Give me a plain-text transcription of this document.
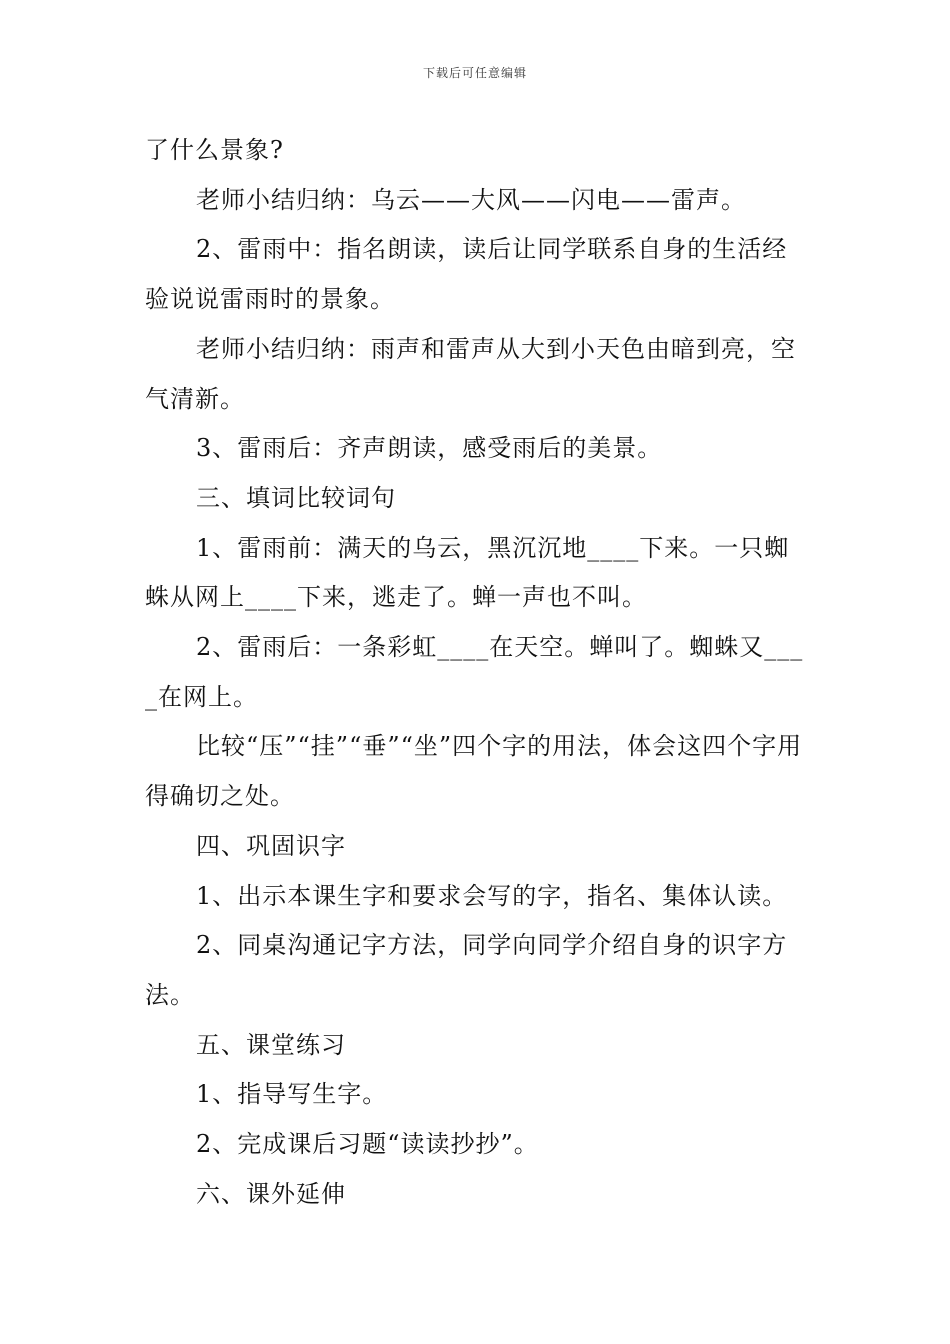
下载后可任意编辑

了什么景象?

老师小结归纳：乌云——大风——闪电——雷声。

2、雷雨中：指名朗读，读后让同学联系自身的生活经验说说雷雨时的景象。

老师小结归纳：雨声和雷声从大到小天色由暗到亮，空气清新。

3、雷雨后：齐声朗读，感受雨后的美景。

三、填词比较词句

1、雷雨前：满天的乌云，黑沉沉地____下来。一只蜘蛛从网上____下来，逃走了。蝉一声也不叫。

2、雷雨后：一条彩虹____在天空。蝉叫了。蜘蛛又____在网上。

比较“压”“挂”“垂”“坐”四个字的用法，体会这四个字用得确切之处。

四、巩固识字

1、出示本课生字和要求会写的字，指名、集体认读。

2、同桌沟通记字方法，同学向同学介绍自身的识字方法。

五、课堂练习

1、指导写生字。

2、完成课后习题“读读抄抄”。

六、课外延伸
